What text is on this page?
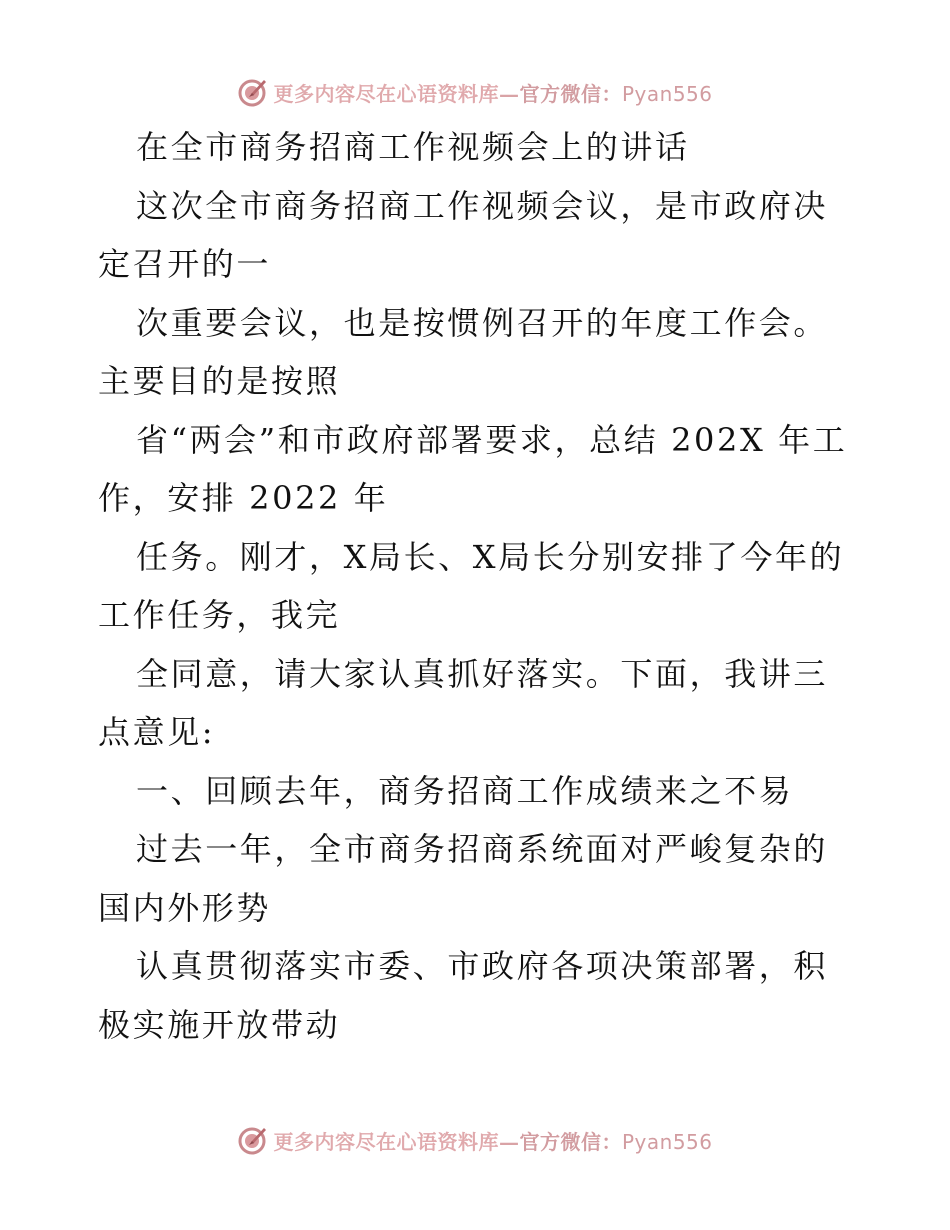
更多内容尽在心语资料库—官方微信：Pyan556

在全市商务招商工作视频会上的讲话

这次全市商务招商工作视频会议，是市政府决定召开的一

次重要会议，也是按惯例召开的年度工作会。主要目的是按照

省“两会”和市政府部署要求，总结 202X 年工作，安排 2022 年

任务。刚才，X局长、X局长分别安排了今年的工作任务，我完

全同意，请大家认真抓好落实。下面，我讲三点意见:

一、回顾去年，商务招商工作成绩来之不易

过去一年，全市商务招商系统面对严峻复杂的国内外形势

认真贯彻落实市委、市政府各项决策部署，积极实施开放带动

更多内容尽在心语资料库—官方微信：Pyan556
